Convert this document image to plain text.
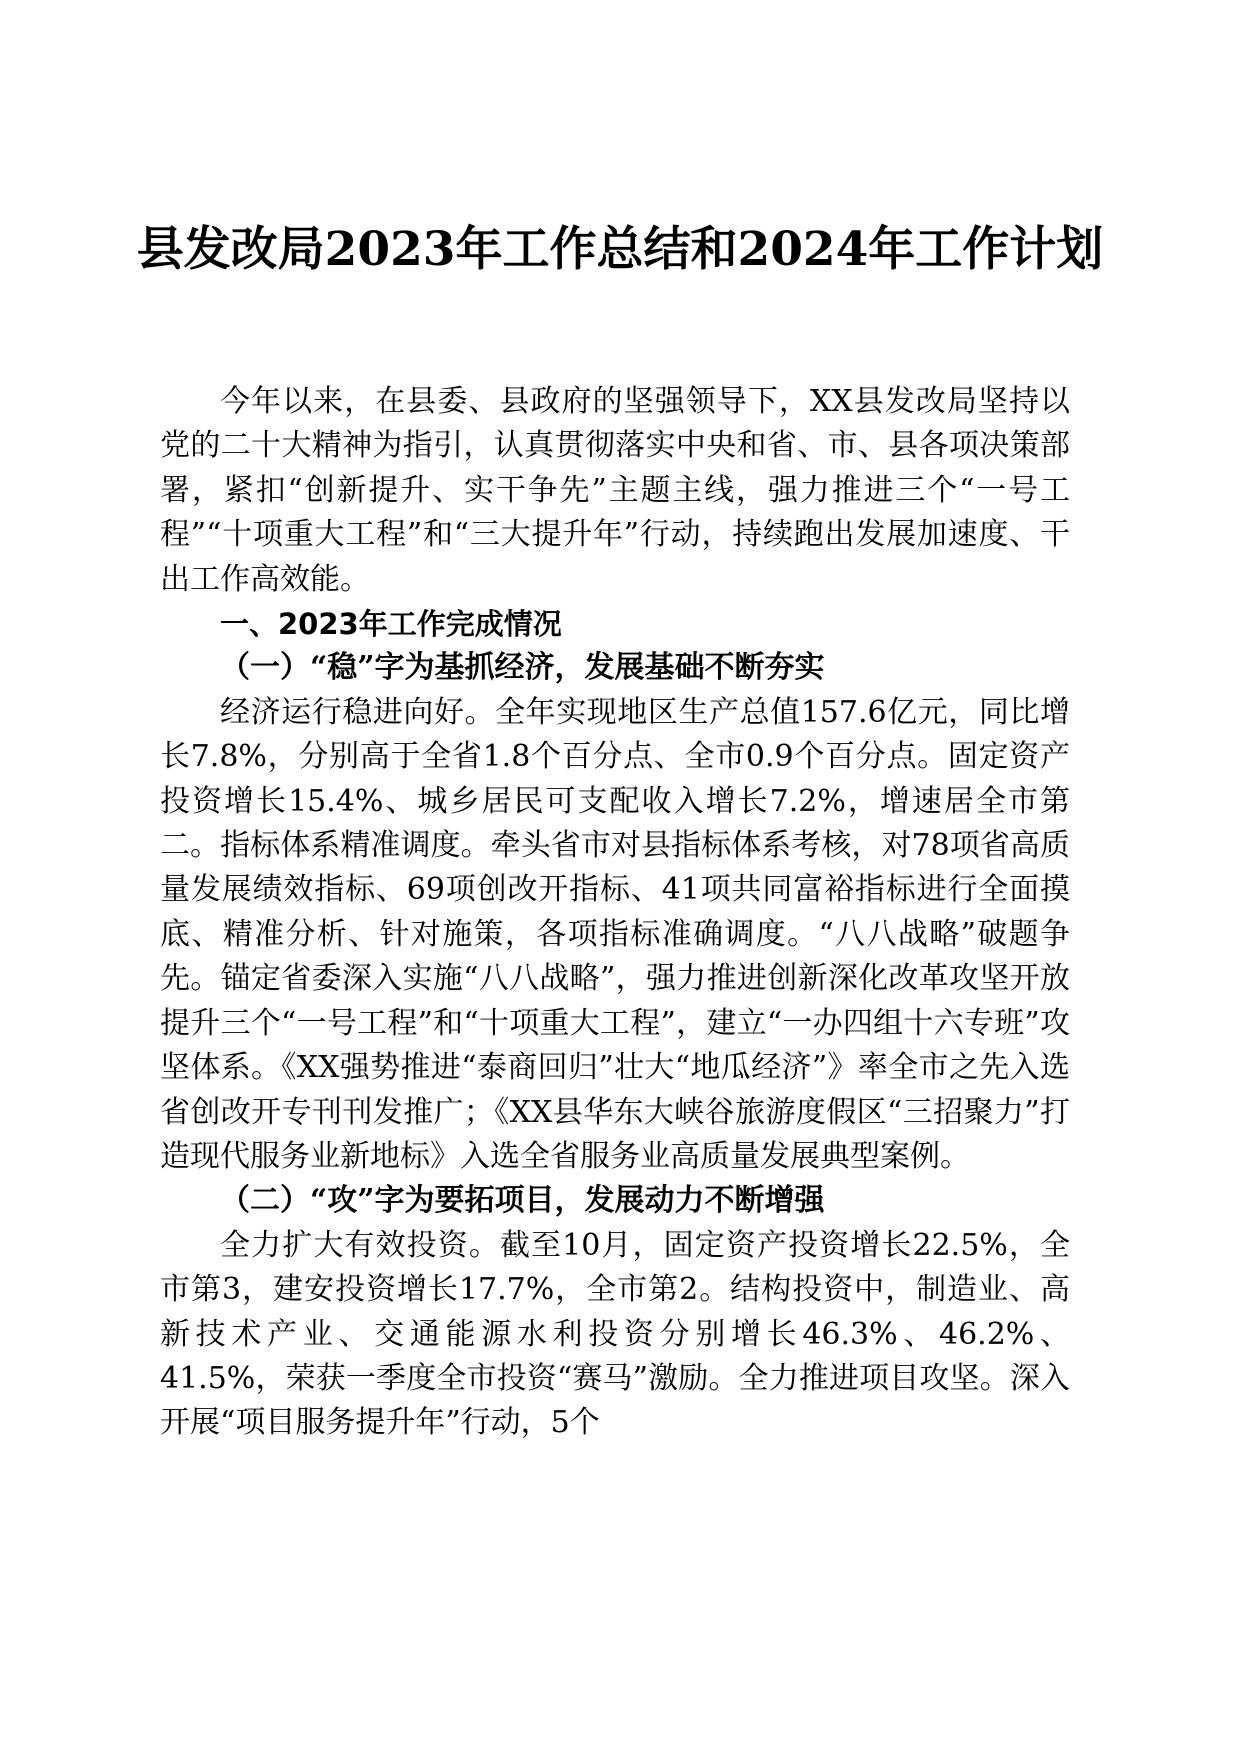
县发改局2023年工作总结和2024年工作计划

今年以来，在县委、县政府的坚强领导下，XX县发改局坚持以党的二十大精神为指引，认真贯彻落实中央和省、市、县各项决策部署，紧扣“创新提升、实干争先”主题主线，强力推进三个“一号工程”“十项重大工程”和“三大提升年”行动，持续跑出发展加速度、干出工作高效能。

一、2023年工作完成情况

（一）“稳”字为基抓经济，发展基础不断夯实

经济运行稳进向好。全年实现地区生产总值157.6亿元，同比增长7.8%，分别高于全省1.8个百分点、全市0.9个百分点。固定资产投资增长15.4%、城乡居民可支配收入增长7.2%，增速居全市第二。指标体系精准调度。牵头省市对县指标体系考核，对78项省高质量发展绩效指标、69项创改开指标、41项共同富裕指标进行全面摸底、精准分析、针对施策，各项指标准确调度。“八八战略”破题争先。锚定省委深入实施“八八战略”，强力推进创新深化改革攻坚开放提升三个“一号工程”和“十项重大工程”，建立“一办四组十六专班”攻坚体系。《XX强势推进“泰商回归”壮大“地瓜经济”》率全市之先入选省创改开专刊刊发推广；《XX县华东大峡谷旅游度假区“三招聚力”打造现代服务业新地标》入选全省服务业高质量发展典型案例。

（二）“攻”字为要拓项目，发展动力不断增强

全力扩大有效投资。截至10月，固定资产投资增长22.5%，全市第3，建安投资增长17.7%，全市第2。结构投资中，制造业、高新技术产业、交通能源水利投资分别增长46.3%、46.2%、41.5%，荣获一季度全市投资“赛马”激励。全力推进项目攻坚。深入开展“项目服务提升年”行动，5个
